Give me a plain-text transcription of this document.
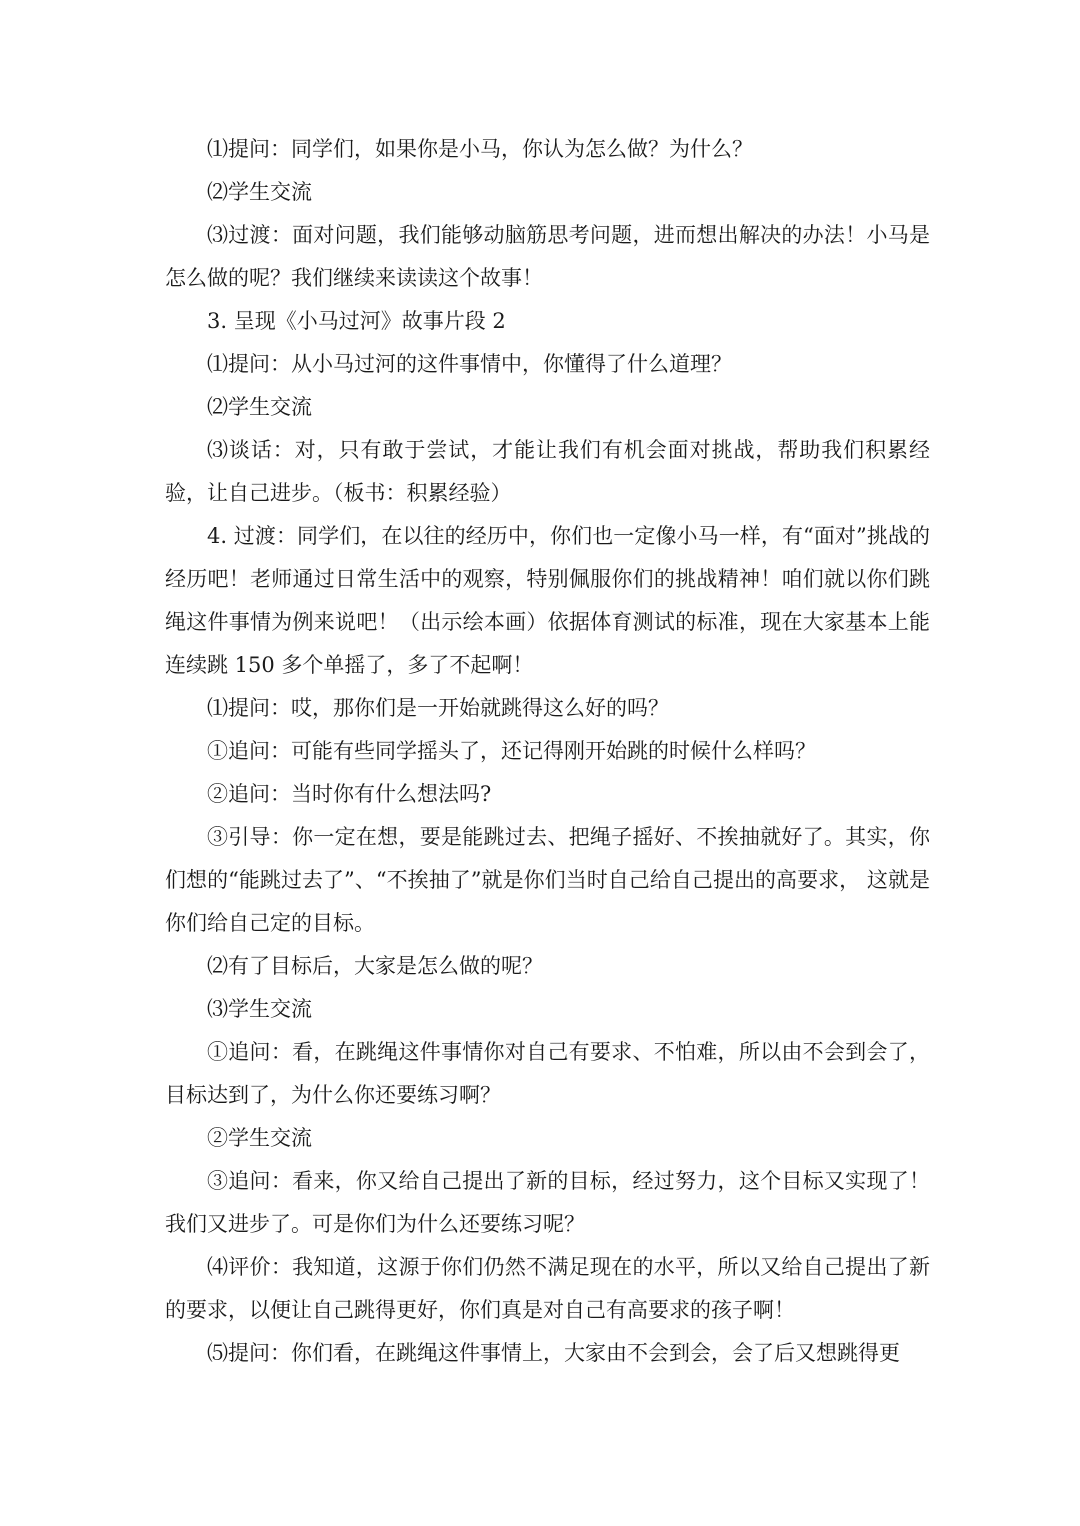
⑴提问：同学们，如果你是小马，你认为怎么做？为什么？

⑵学生交流

⑶过渡：面对问题，我们能够动脑筋思考问题，进而想出解决的办法！小马是怎么做的呢？我们继续来读读这个故事！

3. 呈现《小马过河》故事片段 2

⑴提问：从小马过河的这件事情中，你懂得了什么道理？

⑵学生交流

⑶谈话：对，只有敢于尝试，才能让我们有机会面对挑战，帮助我们积累经验，让自己进步。（板书：积累经验）

4. 过渡：同学们，在以往的经历中，你们也一定像小马一样，有“面对”挑战的经历吧！老师通过日常生活中的观察，特别佩服你们的挑战精神！咱们就以你们跳绳这件事情为例来说吧！（出示绘本画）依据体育测试的标准，现在大家基本上能连续跳 150 多个单摇了，多了不起啊！

⑴提问：哎，那你们是一开始就跳得这么好的吗？

①追问：可能有些同学摇头了，还记得刚开始跳的时候什么样吗？

②追问：当时你有什么想法吗?

③引导：你一定在想，要是能跳过去、把绳子摇好、不挨抽就好了。其实，你们想的“能跳过去了”、“不挨抽了”就是你们当时自己给自己提出的高要求， 这就是你们给自己定的目标。

⑵有了目标后，大家是怎么做的呢？

⑶学生交流

①追问：看，在跳绳这件事情你对自己有要求、不怕难，所以由不会到会了， 目标达到了，为什么你还要练习啊？

②学生交流

③追问：看来，你又给自己提出了新的目标，经过努力，这个目标又实现了！ 我们又进步了。可是你们为什么还要练习呢？

⑷评价：我知道，这源于你们仍然不满足现在的水平，所以又给自己提出了新的要求，以便让自己跳得更好，你们真是对自己有高要求的孩子啊！

⑸提问：你们看，在跳绳这件事情上，大家由不会到会，会了后又想跳得更
